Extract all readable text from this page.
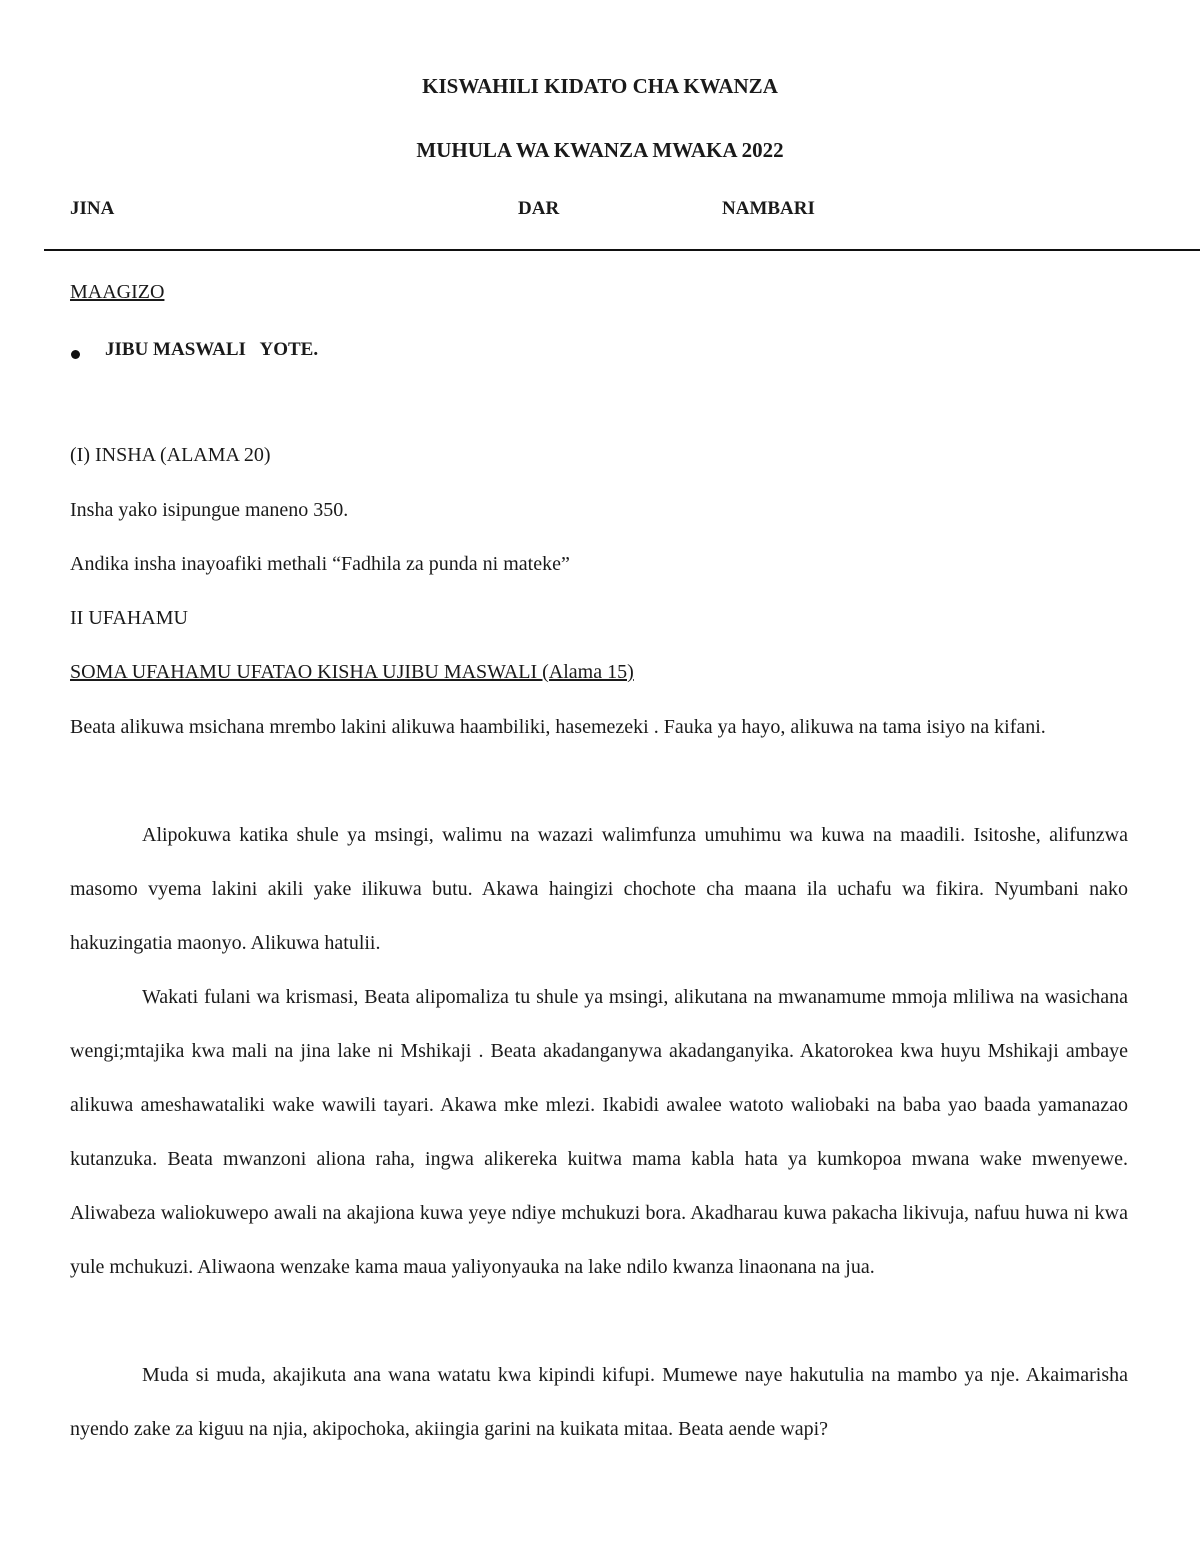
KISWAHILI KIDATO CHA KWANZA
MUHULA WA KWANZA MWAKA 2022
JINA	DAR	NAMBARI
MAAGIZO
JIBU MASWALI   YOTE.
(I) INSHA (ALAMA 20)
Insha yako isipungue maneno 350.
Andika insha inayoafiki methali “Fadhila za punda ni mateke”
II UFAHAMU
SOMA UFAHAMU UFATAO KISHA UJIBU MASWALI (Alama 15)

Beata alikuwa msichana mrembo lakini alikuwa haambiliki, hasemezeki . Fauka ya hayo, alikuwa na tama isiyo na kifani.

Alipokuwa katika shule ya msingi, walimu na wazazi walimfunza umuhimu wa kuwa na maadili. Isitoshe, alifunzwa masomo vyema lakini akili yake ilikuwa butu. Akawa haingizi chochote cha maana ila uchafu wa fikira. Nyumbani nako hakuzingatia maonyo. Alikuwa hatulii.

Wakati fulani wa krismasi, Beata alipomaliza tu shule ya msingi, alikutana na mwanamume mmoja mliliwa na wasichana wengi;mtajika kwa mali na jina lake ni Mshikaji . Beata akadanganywa akadanganyika. Akatorokea kwa huyu Mshikaji ambaye alikuwa ameshawataliki wake wawili tayari. Akawa mke mlezi. Ikabidi awalee watoto waliobaki na baba yao baada yamanazao kutanzuka. Beata mwanzoni aliona raha, ingwa alikereka kuitwa mama kabla hata ya kumkopoa mwana wake mwenyewe. Aliwabeza waliokuwepo awali na akajiona kuwa yeye ndiye mchukuzi bora. Akadharau kuwa pakacha likivuja, nafuu huwa ni kwa yule mchukuzi. Aliwaona wenzake kama maua yaliyonyauka na lake ndilo kwanza linaonana na jua.

Muda si muda, akajikuta ana wana watatu kwa kipindi kifupi. Mumewe naye hakutulia na mambo ya nje. Akaimarisha nyendo zake za kiguu na njia, akipochoka, akiingia garini na kuikata mitaa. Beata aende wapi?
